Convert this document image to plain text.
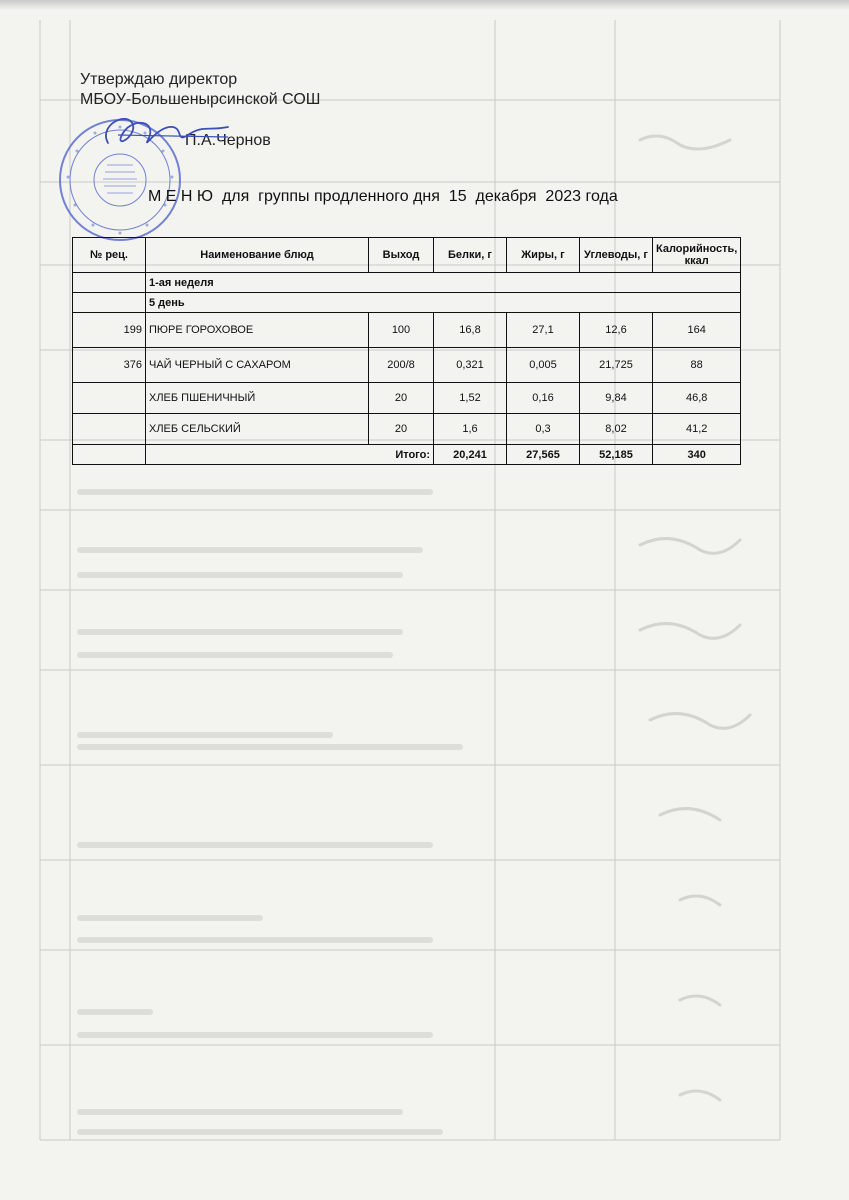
Утверждаю директор
МБОУ-Большенырсинской СОШ
П.А.Чернов
М Е Н Ю  для  группы продленного дня  15  декабря  2023 года
№ рец.	Наименование блюд	Выход	Белки, г	Жиры, г	Углеводы, г	Калорийность, ккал
	1-ая неделя					
	5 день					
199	ПЮРЕ ГОРОХОВОЕ	100	16,8	27,1	12,6	164
376	ЧАЙ ЧЕРНЫЙ С САХАРОМ	200/8	0,321	0,005	21,725	88
	ХЛЕБ ПШЕНИЧНЫЙ	20	1,52	0,16	9,84	46,8
	ХЛЕБ СЕЛЬСКИЙ	20	1,6	0,3	8,02	41,2
	Итого:		20,241	27,565	52,185	340
